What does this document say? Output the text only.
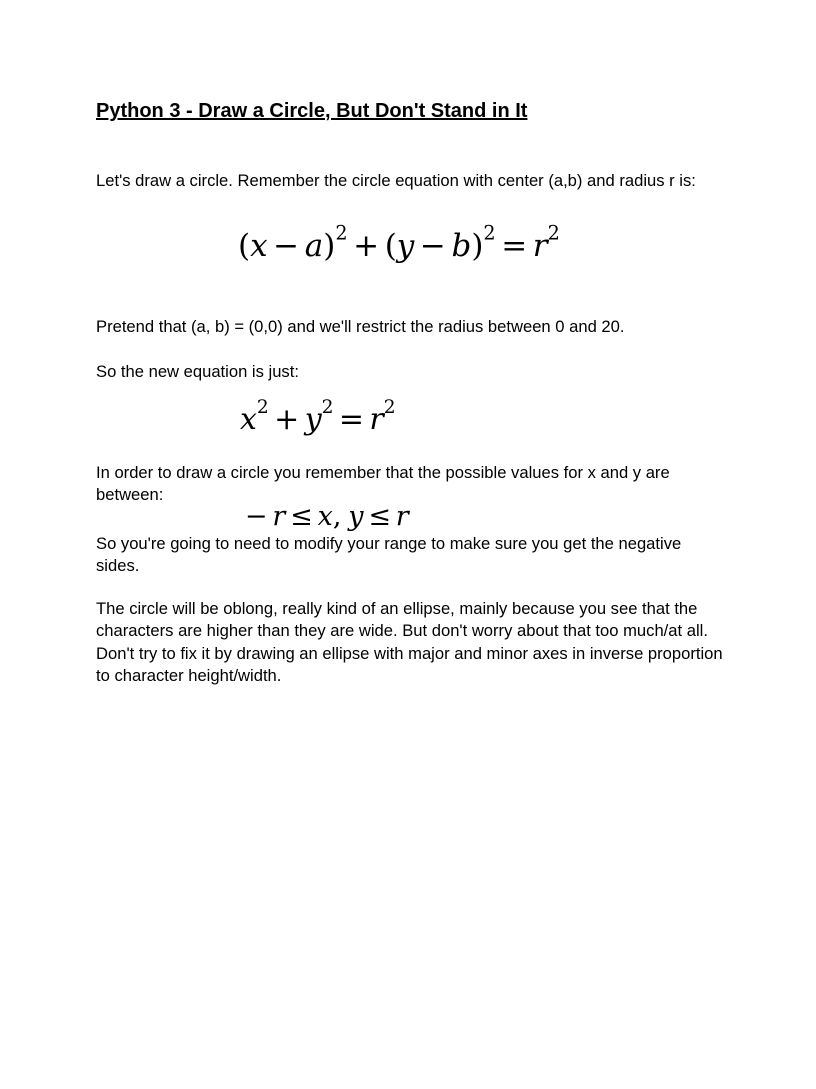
Python 3 - Draw a Circle, But Don't Stand in It

Let's draw a circle. Remember the circle equation with center (a,b) and radius r is:

$(x - a)^2 + (y - b)^2 = r^2$

Pretend that (a, b) = (0,0) and we'll restrict the radius between 0 and 20.

So the new equation is just:

$x^2 + y^2 = r^2$

In order to draw a circle you remember that the possible values for x and y are between:

− r ≤ x, y ≤ r

So you're going to need to modify your range to make sure you get the negative sides.

The circle will be oblong, really kind of an ellipse, mainly because you see that the characters are higher than they are wide. But don't worry about that too much/at all. Don't try to fix it by drawing an ellipse with major and minor axes in inverse proportion to character height/width.
